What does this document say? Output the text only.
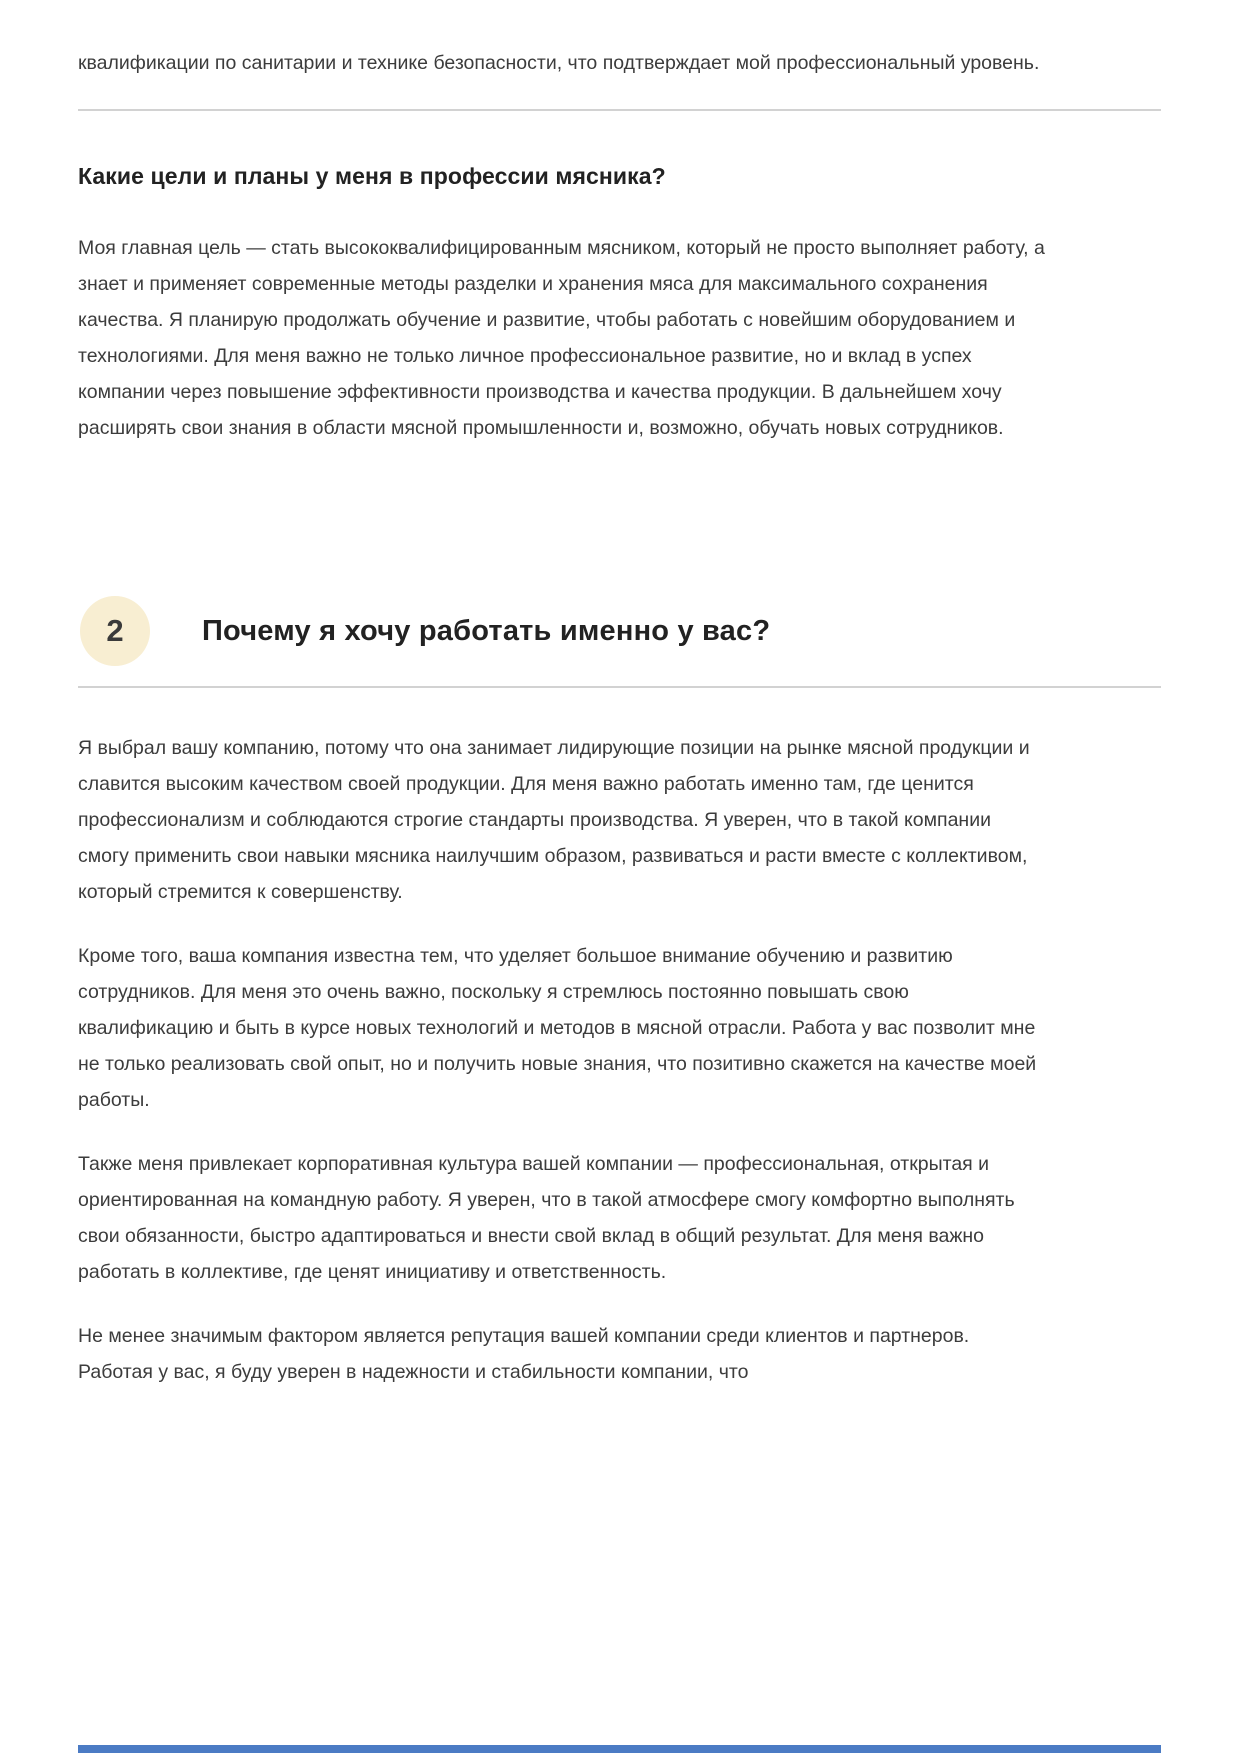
квалификации по санитарии и технике безопасности, что подтверждает мой профессиональный уровень.

Какие цели и планы у меня в профессии мясника?

Моя главная цель — стать высококвалифицированным мясником, который не просто выполняет работу, а знает и применяет современные методы разделки и хранения мяса для максимального сохранения качества. Я планирую продолжать обучение и развитие, чтобы работать с новейшим оборудованием и технологиями. Для меня важно не только личное профессиональное развитие, но и вклад в успех компании через повышение эффективности производства и качества продукции. В дальнейшем хочу расширять свои знания в области мясной промышленности и, возможно, обучать новых сотрудников.

2	Почему я хочу работать именно у вас?

Я выбрал вашу компанию, потому что она занимает лидирующие позиции на рынке мясной продукции и славится высоким качеством своей продукции. Для меня важно работать именно там, где ценится профессионализм и соблюдаются строгие стандарты производства. Я уверен, что в такой компании смогу применить свои навыки мясника наилучшим образом, развиваться и расти вместе с коллективом, который стремится к совершенству.

Кроме того, ваша компания известна тем, что уделяет большое внимание обучению и развитию сотрудников. Для меня это очень важно, поскольку я стремлюсь постоянно повышать свою квалификацию и быть в курсе новых технологий и методов в мясной отрасли. Работа у вас позволит мне не только реализовать свой опыт, но и получить новые знания, что позитивно скажется на качестве моей работы.

Также меня привлекает корпоративная культура вашей компании — профессиональная, открытая и ориентированная на командную работу. Я уверен, что в такой атмосфере смогу комфортно выполнять свои обязанности, быстро адаптироваться и внести свой вклад в общий результат. Для меня важно работать в коллективе, где ценят инициативу и ответственность.

Не менее значимым фактором является репутация вашей компании среди клиентов и партнеров. Работая у вас, я буду уверен в надежности и стабильности компании, что
